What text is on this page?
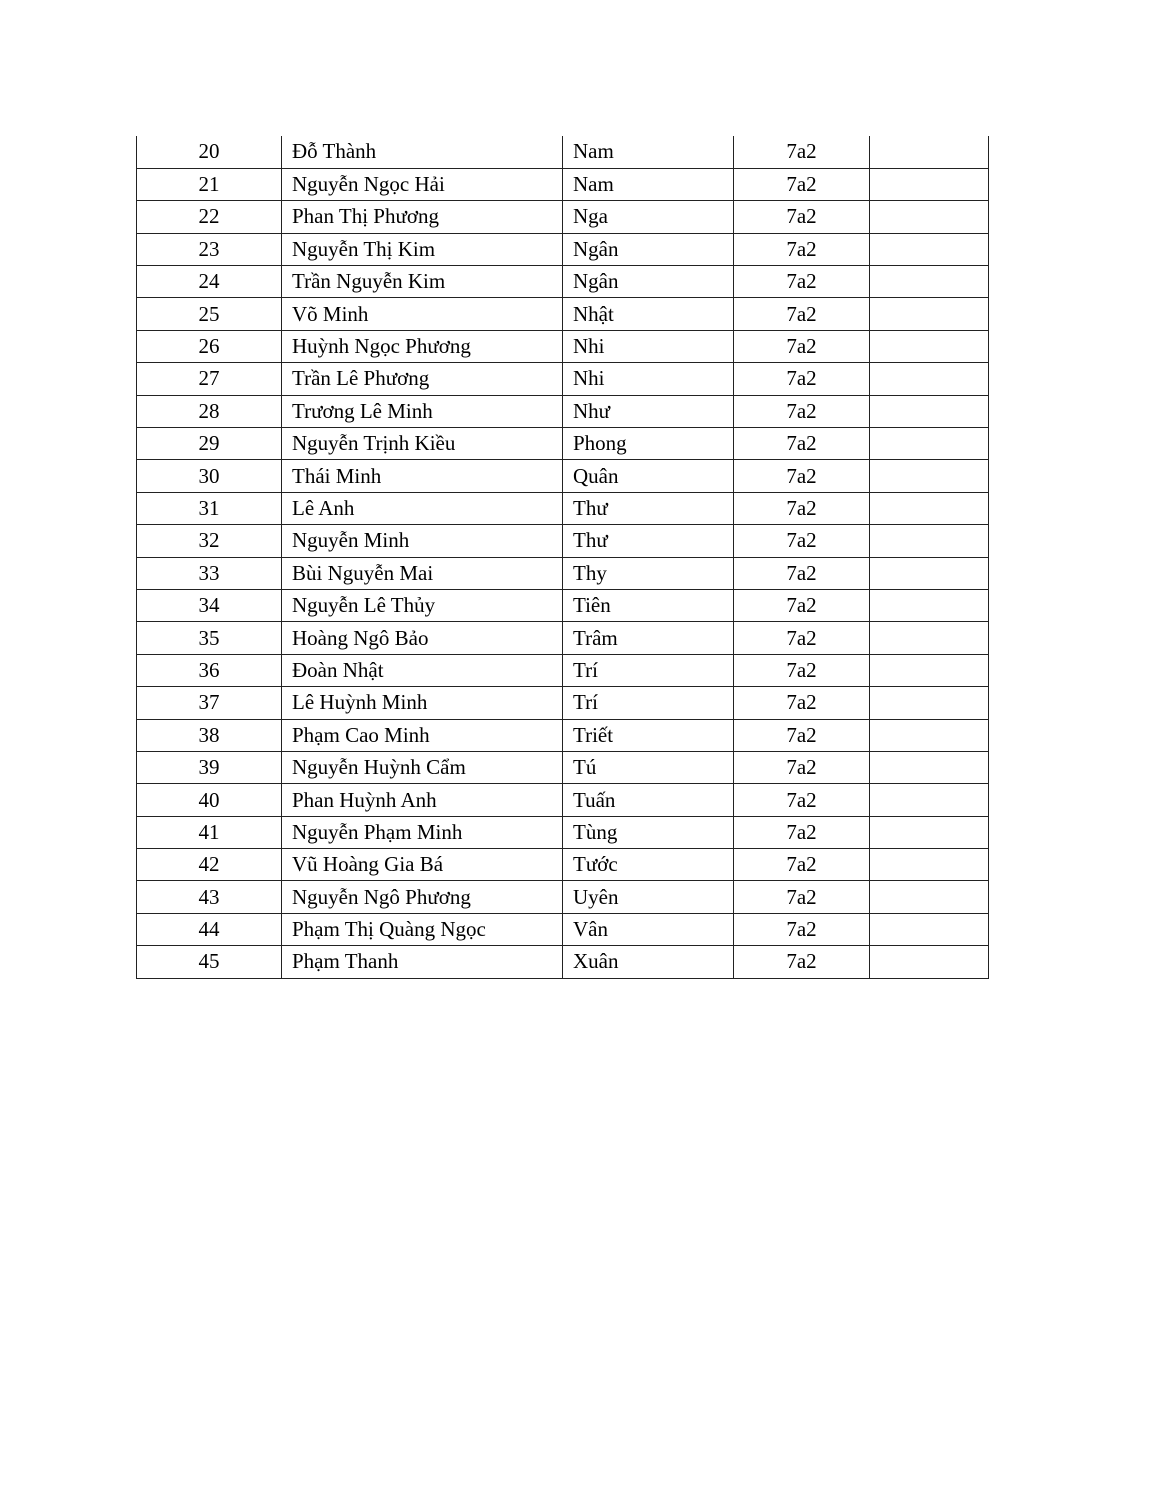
20	Đỗ Thành	Nam	7a2	
21	Nguyễn Ngọc Hải	Nam	7a2	
22	Phan Thị Phương	Nga	7a2	
23	Nguyễn Thị Kim	Ngân	7a2	
24	Trần Nguyễn Kim	Ngân	7a2	
25	Võ Minh	Nhật	7a2	
26	Huỳnh Ngọc Phương	Nhi	7a2	
27	Trần Lê Phương	Nhi	7a2	
28	Trương Lê Minh	Như	7a2	
29	Nguyễn Trịnh Kiều	Phong	7a2	
30	Thái Minh	Quân	7a2	
31	Lê Anh	Thư	7a2	
32	Nguyễn Minh	Thư	7a2	
33	Bùi Nguyễn Mai	Thy	7a2	
34	Nguyễn Lê Thủy	Tiên	7a2	
35	Hoàng Ngô Bảo	Trâm	7a2	
36	Đoàn Nhật	Trí	7a2	
37	Lê Huỳnh Minh	Trí	7a2	
38	Phạm Cao Minh	Triết	7a2	
39	Nguyễn Huỳnh Cẩm	Tú	7a2	
40	Phan Huỳnh Anh	Tuấn	7a2	
41	Nguyễn Phạm Minh	Tùng	7a2	
42	Vũ Hoàng Gia Bá	Tước	7a2	
43	Nguyễn Ngô Phương	Uyên	7a2	
44	Phạm Thị Quàng Ngọc	Vân	7a2	
45	Phạm Thanh	Xuân	7a2	
